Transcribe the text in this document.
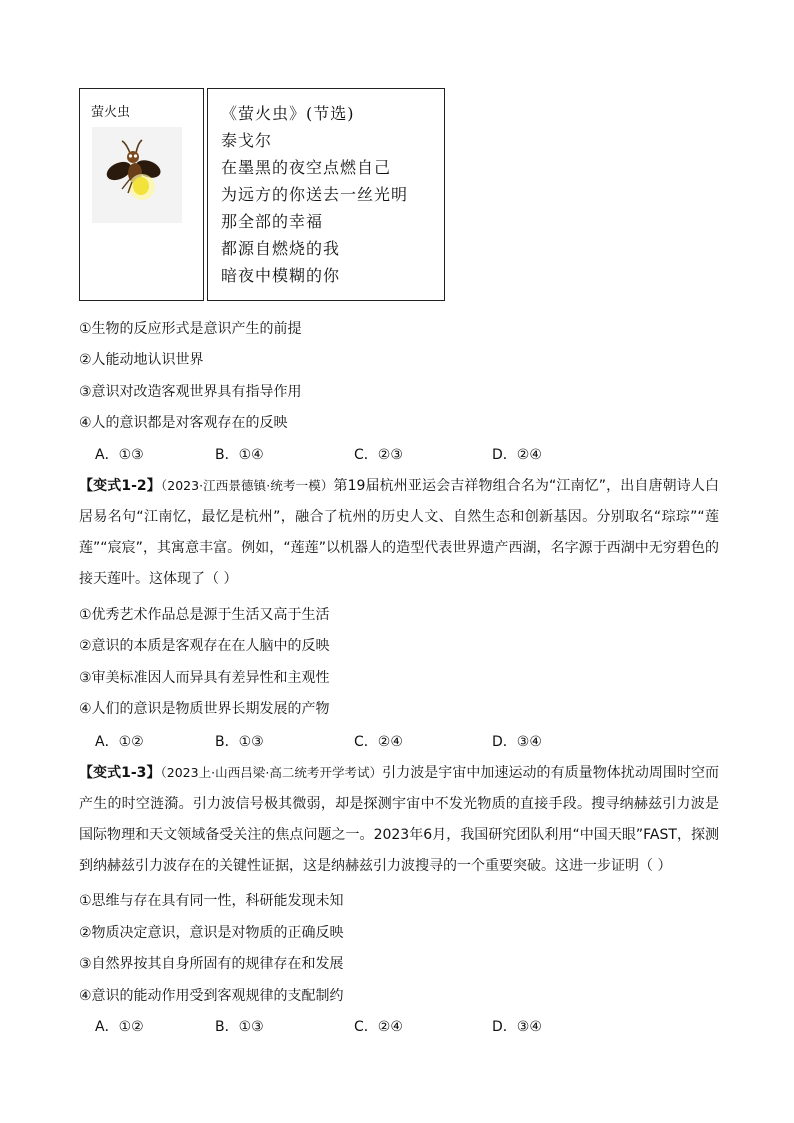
萤火虫	《萤火虫》(节选)
泰戈尔
在墨黑的夜空点燃自己
为远方的你送去一丝光明
那全部的幸福
都源自燃烧的我
暗夜中模糊的你
①生物的反应形式是意识产生的前提
②人能动地认识世界
③意识对改造客观世界具有指导作用
④人的意识都是对客观存在的反映
A．①③	B．①④	C．②③	D．②④
【变式1-2】（2023·江西景德镇·统考一模）第19届杭州亚运会吉祥物组合名为“江南忆”，出自唐朝诗人白居易名句“江南忆，最忆是杭州”，融合了杭州的历史人文、自然生态和创新基因。分别取名“琮琮”“莲莲”“宸宸”，其寓意丰富。例如，“莲莲”以机器人的造型代表世界遗产西湖，名字源于西湖中无穷碧色的接天莲叶。这体现了（ ）
①优秀艺术作品总是源于生活又高于生活
②意识的本质是客观存在在人脑中的反映
③审美标准因人而异具有差异性和主观性
④人们的意识是物质世界长期发展的产物
A．①②	B．①③	C．②④	D．③④
【变式1-3】（2023上·山西吕梁·高二统考开学考试）引力波是宇宙中加速运动的有质量物体扰动周围时空而产生的时空涟漪。引力波信号极其微弱，却是探测宇宙中不发光物质的直接手段。搜寻纳赫兹引力波是国际物理和天文领域备受关注的焦点问题之一。2023年6月，我国研究团队利用“中国天眼”FAST，探测到纳赫兹引力波存在的关键性证据，这是纳赫兹引力波搜寻的一个重要突破。这进一步证明（ ）
①思维与存在具有同一性，科研能发现未知
②物质决定意识，意识是对物质的正确反映
③自然界按其自身所固有的规律存在和发展
④意识的能动作用受到客观规律的支配制约
A．①②	B．①③	C．②④	D．③④
